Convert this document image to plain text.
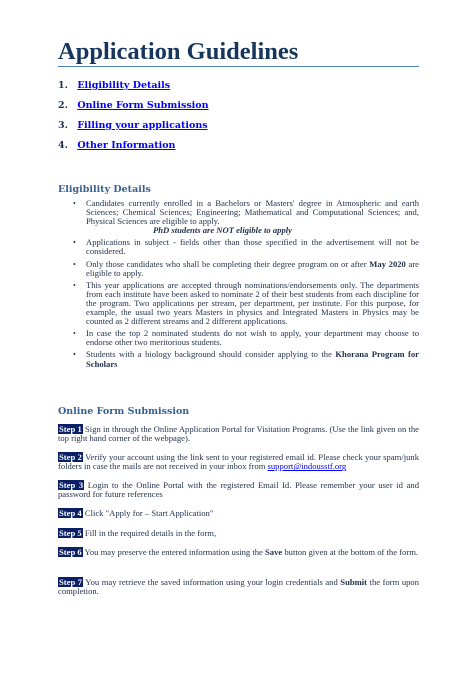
Application Guidelines
1. Eligibility Details
2. Online Form Submission
3. Filling your applications
4. Other Information
Eligibility Details
• Candidates currently enrolled in a Bachelors or Masters' degree in Atmospheric and earth Sciences; Chemical Sciences; Engineering; Mathematical and Computational Sciences; and, Physical Sciences are eligible to apply.
PhD students are NOT eligible to apply
• Applications in subject - fields other than those specified in the advertisement will not be considered.
• Only those candidates who shall be completing their degree program on or after May 2020 are eligible to apply.
• This year applications are accepted through nominations/endorsements only. The departments from each institute have been asked to nominate 2 of their best students from each discipline for the program. Two applications per stream, per department, per institute. For this purpose, for example, the usual two years Masters in physics and Integrated Masters in Physics may be counted as 2 different streams and 2 different applications.
• In case the top 2 nominated students do not wish to apply, your department may choose to endorse other two meritorious students.
• Students with a biology background should consider applying to the Khorana Program for Scholars
Online Form Submission
Step 1 Sign in through the Online Application Portal for Visitation Programs. (Use the link given on the top right hand corner of the webpage).
Step 2 Verify your account using the link sent to your registered email id. Please check your spam/junk folders in case the mails are not received in your inbox from support@indousstf.org
Step 3 Login to the Online Portal with the registered Email Id. Please remember your user id and password for future references
Step 4 Click "Apply for – Start Application"
Step 5 Fill in the required details in the form,
Step 6 You may preserve the entered information using the Save button given at the bottom of the form.
Step 7 You may retrieve the saved information using your login credentials and Submit the form upon completion.
